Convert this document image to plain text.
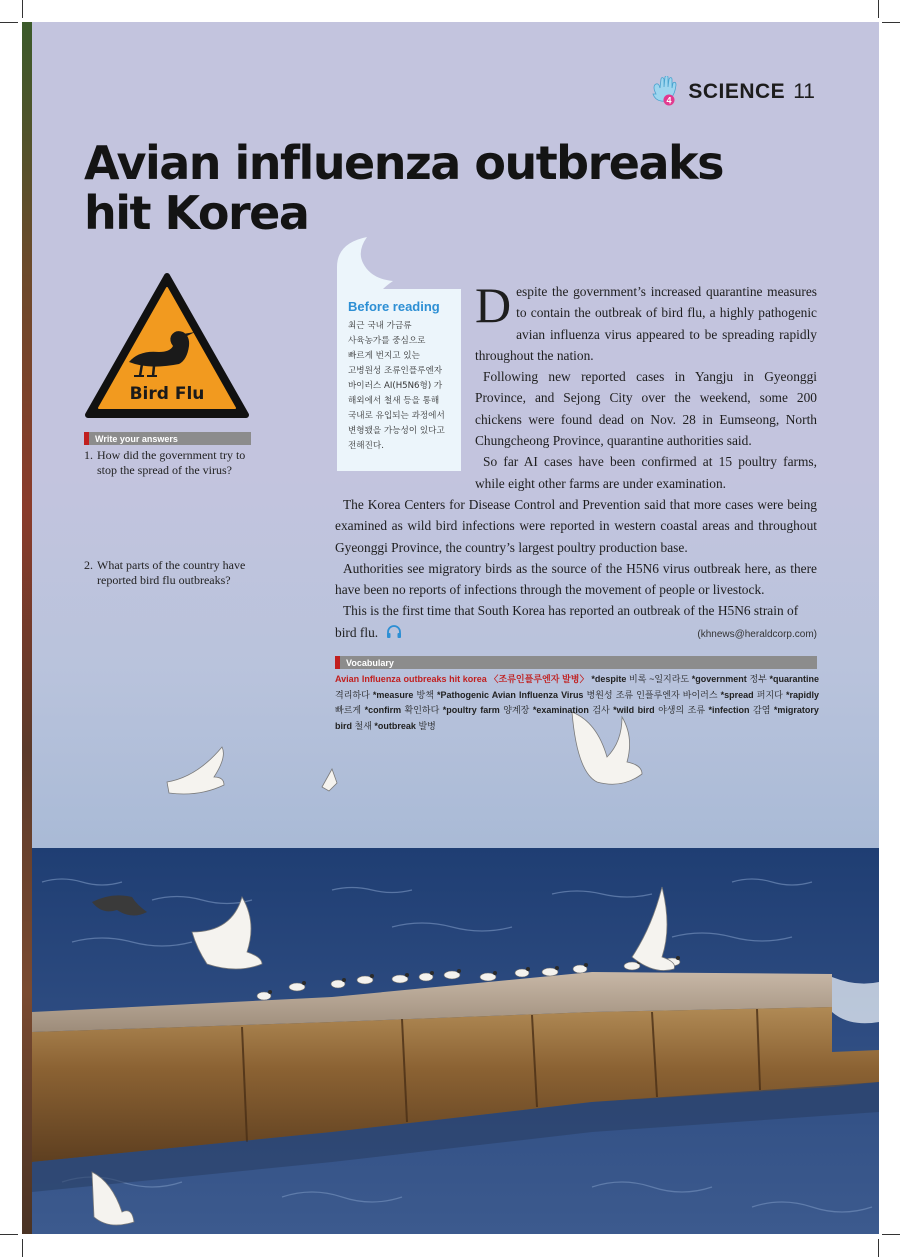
4 SCIENCE 11
Avian influenza outbreaks
hit Korea
Bird Flu
Write your answers
1. How did the government try to stop the spread of the virus?
2. What parts of the country have reported bird flu outbreaks?
Before reading
최근 국내 가금류
사육농가를 중심으로
빠르게 번지고 있는
고병원성 조류인플루엔자
바이러스 AI(H5N6형) 가
해외에서 철새 등을 통해
국내로 유입되는 과정에서
변형됐을 가능성이 있다고
전해진다.

Despite the government’s increased quarantine measures to contain the outbreak of bird flu, a highly pathogenic avian influenza virus appeared to be spreading rapidly throughout the nation.

Following new reported cases in Yangju in Gyeonggi Province, and Sejong City over the weekend, some 200 chickens were found dead on Nov. 28 in Eumseong, North Chungcheong Province, quarantine authorities said.

So far AI cases have been confirmed at 15 poultry farms, while eight other farms are under examination.

The Korea Centers for Disease Control and Prevention said that more cases were being examined as wild bird infections were reported in western coastal areas and throughout Gyeonggi Province, the country’s largest poultry production base.

Authorities see migratory birds as the source of the H5N6 virus outbreak here, as there have been no reports of infections through the movement of people or livestock.

This is the first time that South Korea has reported an outbreak of the H5N6 strain of

bird flu.	(khnews@heraldcorp.com)
Vocabulary
Avian Influenza outbreaks hit korea 〈조류인플루엔자 발병〉 *despite 비록 ~일지라도 *government 정부 *quarantine 격리하다 *measure 방책 *Pathogenic Avian Influenza Virus 병원성 조류 인플루엔자 바이러스 *spread 퍼지다 *rapidly 빠르게 *confirm 확인하다 *poultry farm 양계장 *examination 검사 *wild bird 야생의 조류 *infection 감염 *migratory bird 철새 *outbreak 발병
